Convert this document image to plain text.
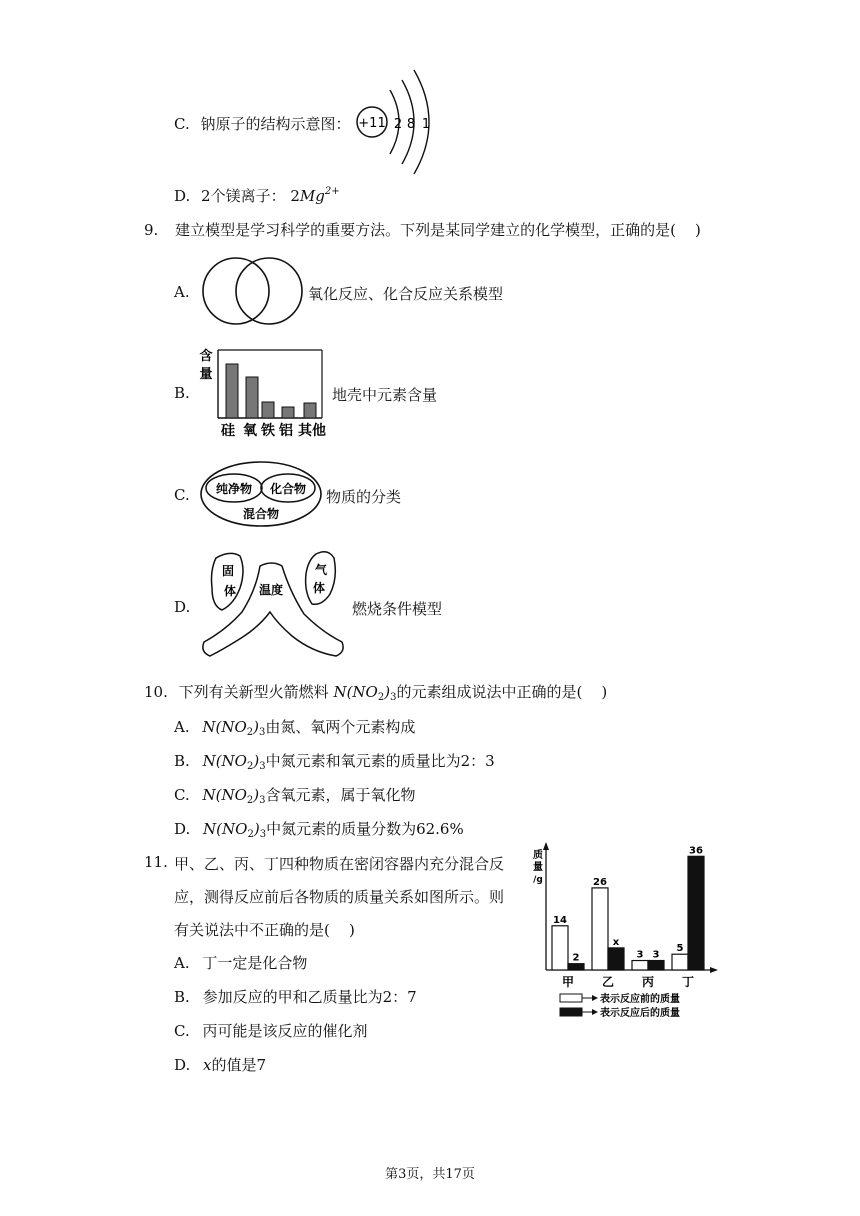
C. 钠原子的结构示意图： +11 2 8 1
D. 2个镁离子： $2Mg^{2+}$
9. 建立模型是学习科学的重要方法。下列是某同学建立的化学模型，正确的是(    )
A.	氧化反应、化合反应关系模型
B.
含
量
硅 氧 铁 铝 其他
地壳中元素含量
C. 纯净物 化合物
混合物
物质的分类
D.
固
体 温度
气
体
燃烧条件模型
10. 下列有关新型火箭燃料 $N(NO_2)_3$的元素组成说法中正确的是(    )
A. $N(NO_2)_3$由氮、氧两个元素构成
B. $N(NO_2)_3$中氮元素和氧元素的质量比为2：3
C. $N(NO_2)_3$含氧元素，属于氧化物
D. $N(NO_2)_3$中氮元素的质量分数为62.6%
11. 甲、乙、丙、丁四种物质在密闭容器内充分混合反
应，测得反应前后各物质的质量关系如图所示。则
有关说法中不正确的是(    )
A. 丁一定是化合物
B. 参加反应的甲和乙质量比为2：7
C. 丙可能是该反应的催化剂
D. x的值是7
质
量
/g
14
2
26
x
3 3
5
36
甲 乙 丙 丁
表示反应前的质量
表示反应后的质量
第3页，共17页
